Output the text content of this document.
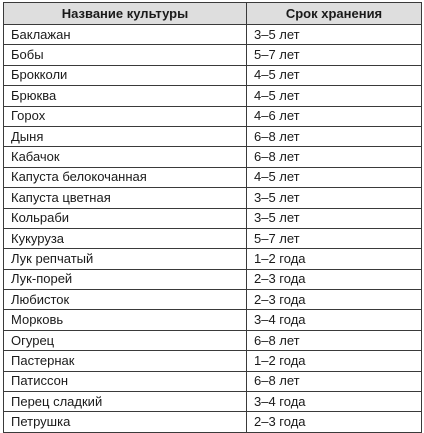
Название культуры	Срок хранения
Баклажан	3–5 лет
Бобы	5–7 лет
Брокколи	4–5 лет
Брюква	4–5 лет
Горох	4–6 лет
Дыня	6–8 лет
Кабачок	6–8 лет
Капуста белокочанная	4–5 лет
Капуста цветная	3–5 лет
Кольраби	3–5 лет
Кукуруза	5–7 лет
Лук репчатый	1–2 года
Лук-порей	2–3 года
Любисток	2–3 года
Морковь	3–4 года
Огурец	6–8 лет
Пастернак	1–2 года
Патиссон	6–8 лет
Перец сладкий	3–4 года
Петрушка	2–3 года
